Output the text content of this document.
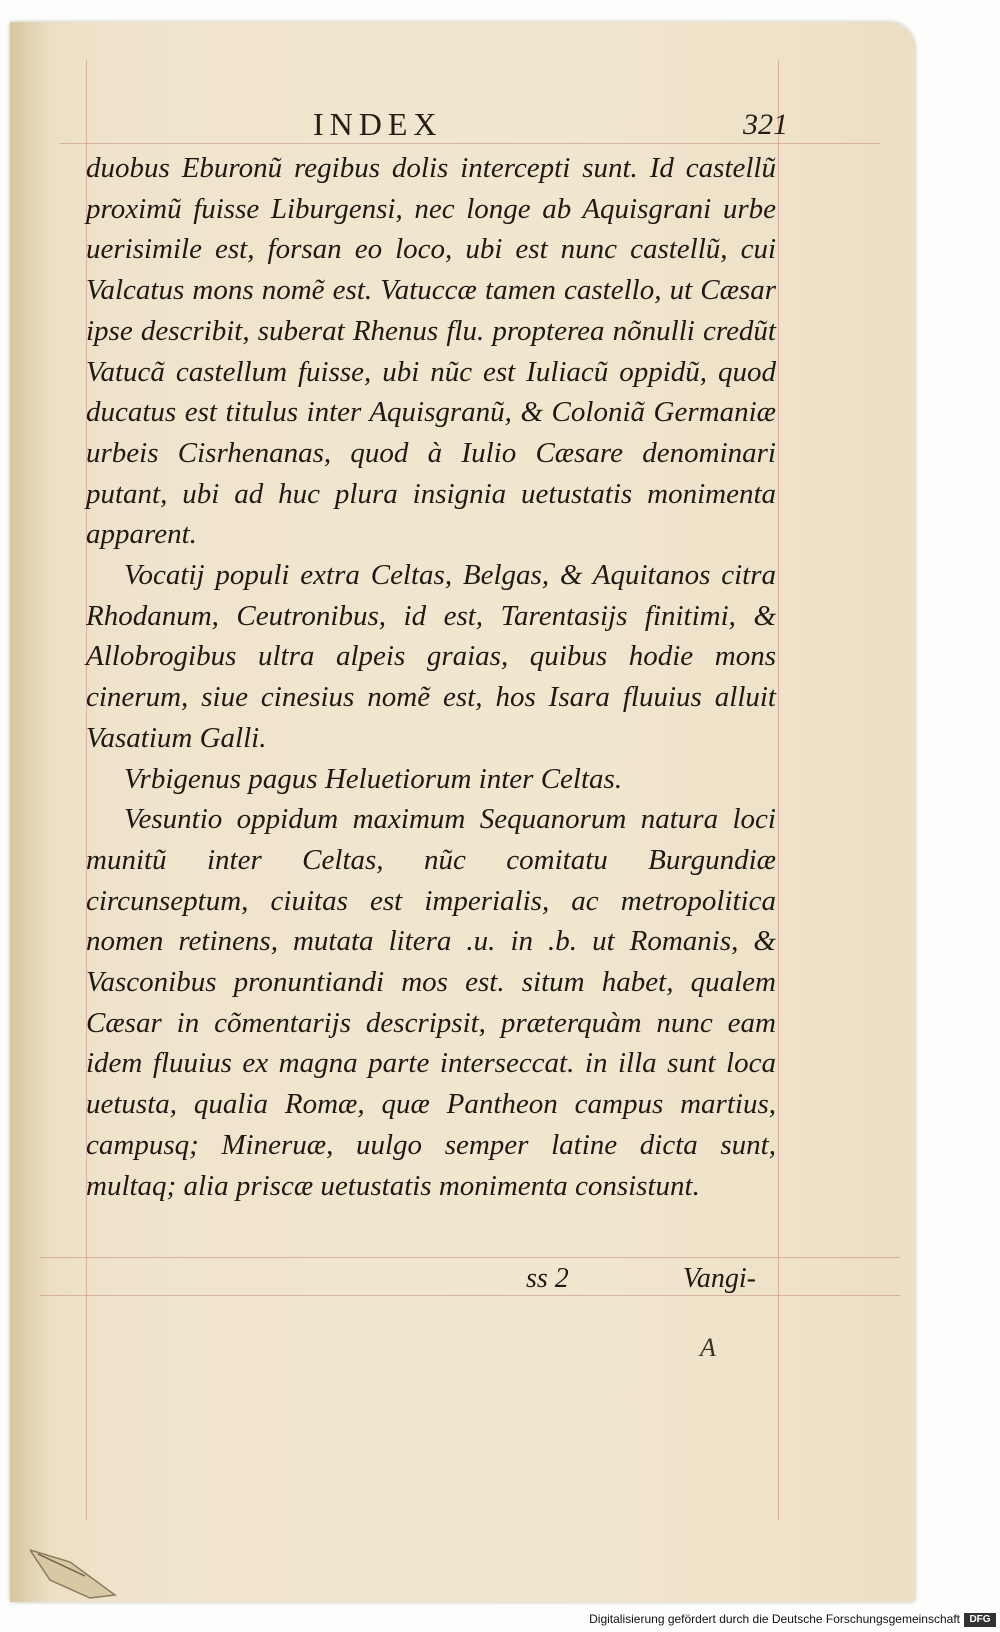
INDEX	321

duobus Eburonũ regibus dolis intercepti sunt. Id castellũ proximũ fuisse Liburgensi, nec longe ab Aquisgrani urbe uerisimile est, forsan eo loco, ubi est nunc castellũ, cui Valcatus mons nomẽ est. Vatuccæ tamen castello, ut Cæsar ipse describit, suberat Rhenus flu. propterea nõnulli credũt Vatucã castellum fuisse, ubi nũc est Iuliacũ oppidũ, quod ducatus est titulus inter Aquisgranũ, & Coloniã Germaniæ urbeis Cisrhenanas, quod à Iulio Cæsare denominari putant, ubi ad huc plura insignia uetustatis monimenta apparent.

Vocatij populi extra Celtas, Belgas, & Aquitanos citra Rhodanum, Ceutronibus, id est, Tarentasijs finitimi, & Allobrogibus ultra alpeis graias, quibus hodie mons cinerum, siue cinesius nomẽ est, hos Isara fluuius alluit Vasatium Galli.

Vrbigenus pagus Heluetiorum inter Celtas.

Vesuntio oppidum maximum Sequanorum natura loci munitũ inter Celtas, nũc comitatu Burgundiæ circunseptum, ciuitas est imperialis, ac metropolitica nomen retinens, mutata litera .u. in .b. ut Romanis, & Vasconibus pronuntiandi mos est. situm habet, qualem Cæsar in cõmentarijs descripsit, præterquàm nunc eam idem fluuius ex magna parte interseccat. in illa sunt loca uetusta, qualia Romæ, quæ Pantheon campus martius, campusq; Mineruæ, uulgo semper latine dicta sunt, multaq; alia priscæ uetustatis monimenta consistunt.

ss 2	Vangi-
A
Digitalisierung gefördert durch die Deutsche Forschungsgemeinschaft DFG
